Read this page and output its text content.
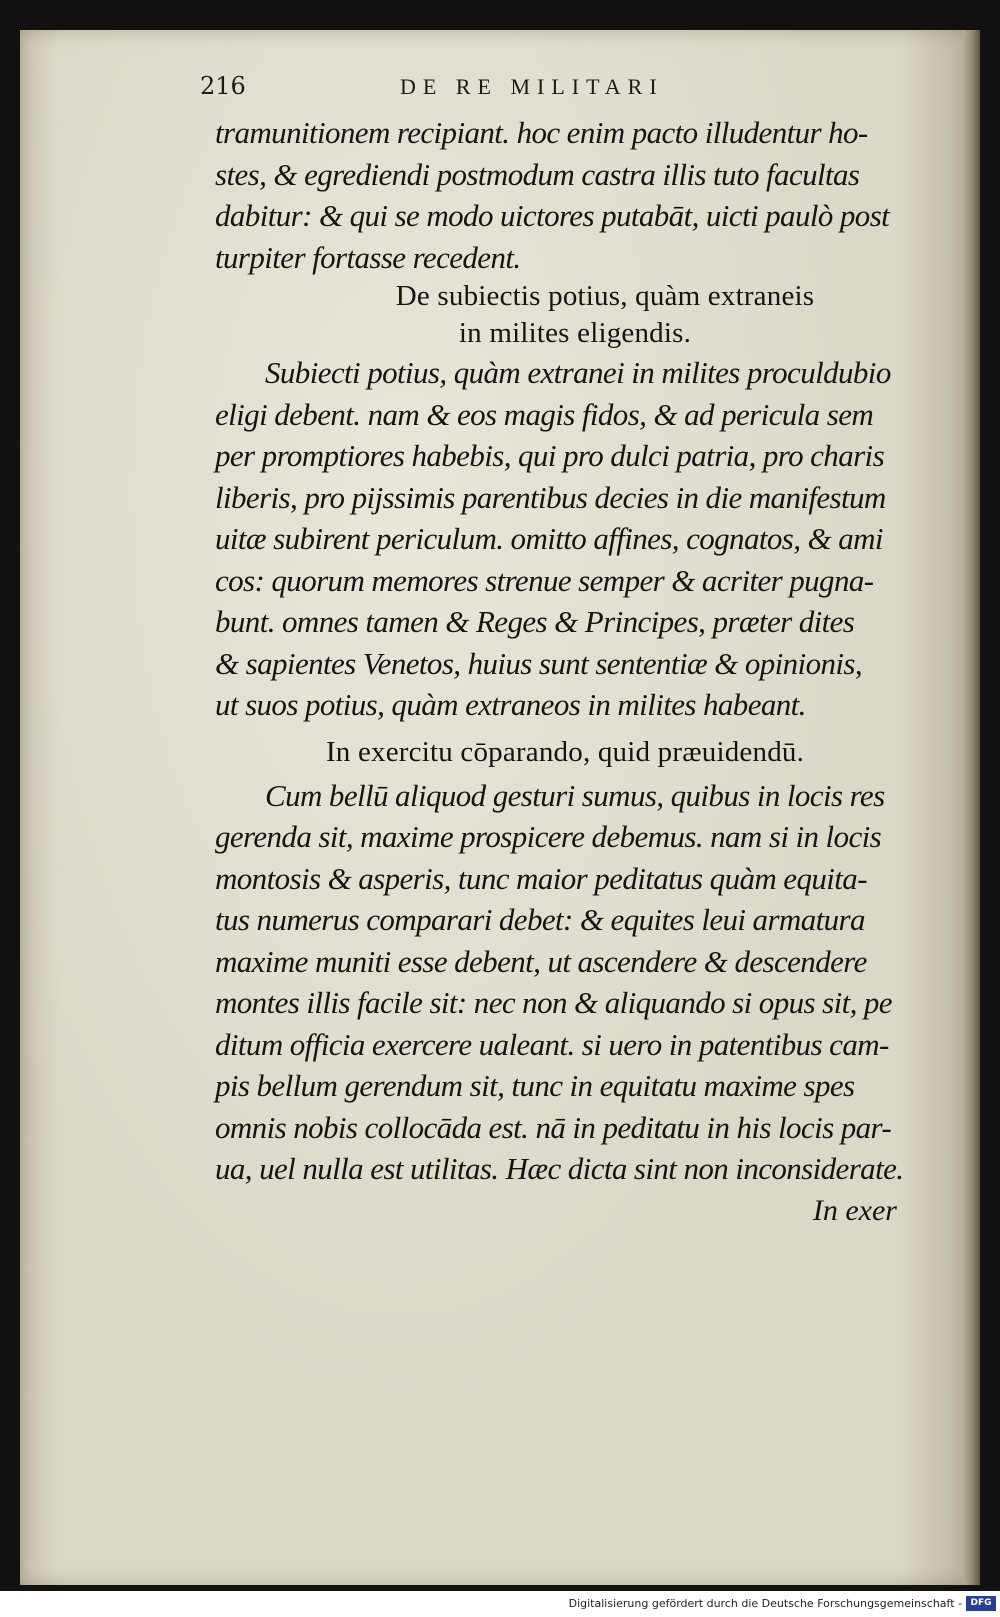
216	DE RE MILITARI
tramunitionem recipiant. hoc enim pacto illudentur ho-
stes, & egrediendi postmodum castra illis tuto facultas
dabitur: & qui se modo uictores putabāt, uicti paulò post
turpiter fortasse recedent.
De subiectis potius, quàm extraneis
in milites eligendis.
Subiecti potius, quàm extranei in milites proculdubio
eligi debent. nam & eos magis fidos, & ad pericula sem
per promptiores habebis, qui pro dulci patria, pro charis
liberis, pro pijssimis parentibus decies in die manifestum
uitæ subirent periculum. omitto affines, cognatos, & ami
cos: quorum memores strenue semper & acriter pugna-
bunt. omnes tamen & Reges & Principes, præter dites
& sapientes Venetos, huius sunt sententiæ & opinionis,
ut suos potius, quàm extraneos in milites habeant.
In exercitu cōparando, quid præuidendū.
Cum bellū aliquod gesturi sumus, quibus in locis res
gerenda sit, maxime prospicere debemus. nam si in locis
montosis & asperis, tunc maior peditatus quàm equita-
tus numerus comparari debet: & equites leui armatura
maxime muniti esse debent, ut ascendere & descendere
montes illis facile sit: nec non & aliquando si opus sit, pe
ditum officia exercere ualeant. si uero in patentibus cam-
pis bellum gerendum sit, tunc in equitatu maxime spes
omnis nobis collocāda est. nā in peditatu in his locis par-
ua, uel nulla est utilitas. Hæc dicta sint non inconsiderate.
In exer
Digitalisierung gefördert durch die Deutsche Forschungsgemeinschaft - DFG
